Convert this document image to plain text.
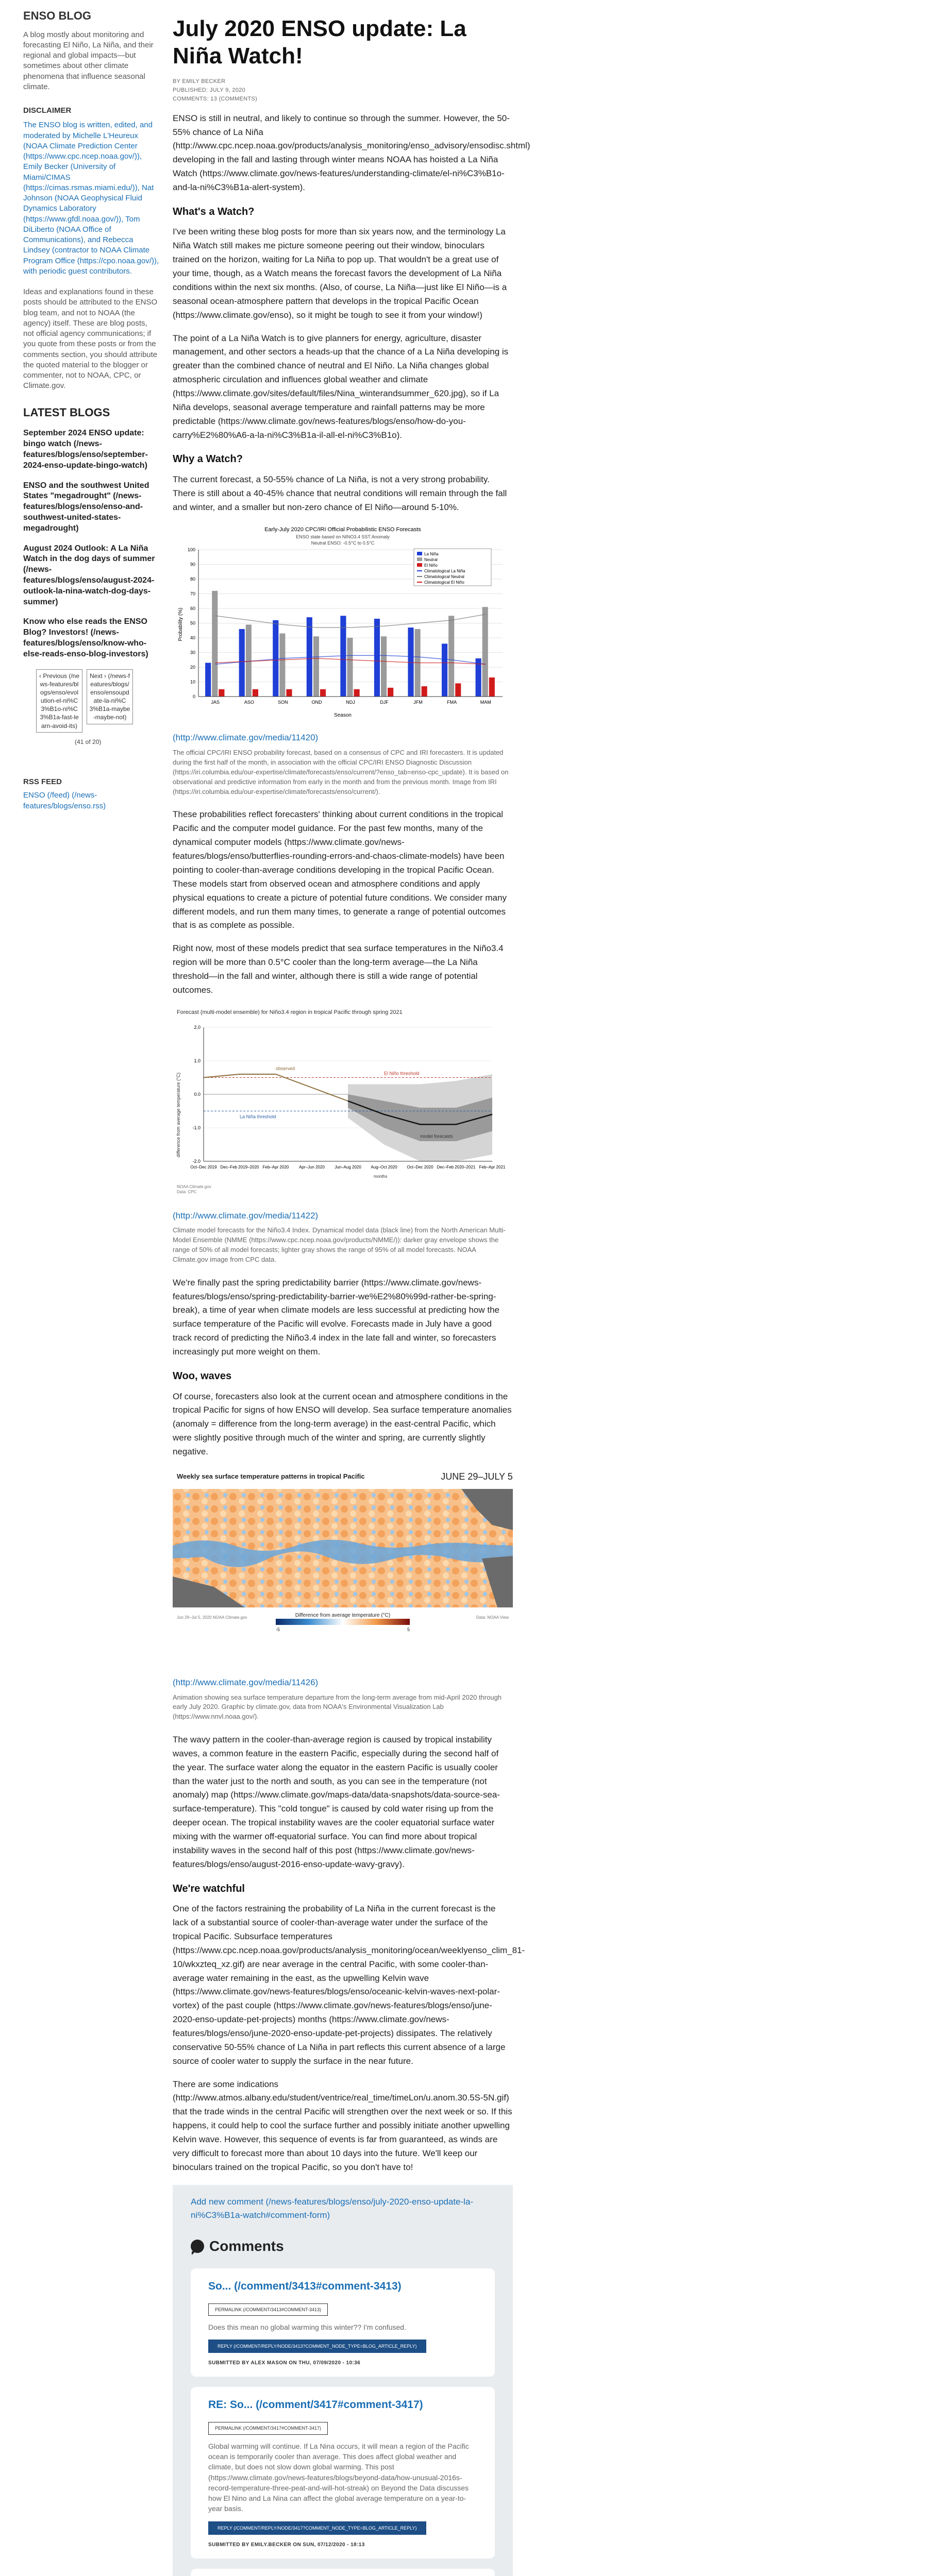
ENSO BLOG
A blog mostly about monitoring and forecasting El Niño, La Niña, and their regional and global impacts—but sometimes about other climate phenomena that influence seasonal climate.
DISCLAIMER
The ENSO blog is written, edited, and moderated by Michelle L'Heureux (NOAA Climate Prediction Center (https://www.cpc.ncep.noaa.gov/)), Emily Becker (University of Miami/CIMAS (https://cimas.rsmas.miami.edu/)), Nat Johnson (NOAA Geophysical Fluid Dynamics Laboratory (https://www.gfdl.noaa.gov/)), Tom DiLiberto (NOAA Office of Communications), and Rebecca Lindsey (contractor to NOAA Climate Program Office (https://cpo.noaa.gov/)), with periodic guest contributors.
Ideas and explanations found in these posts should be attributed to the ENSO blog team, and not to NOAA (the agency) itself. These are blog posts, not official agency communications; if you quote from these posts or from the comments section, you should attribute the quoted material to the blogger or commenter, not to NOAA, CPC, or Climate.gov.
LATEST BLOGS
September 2024 ENSO update: bingo watch (/news-features/blogs/enso/september-2024-enso-update-bingo-watch)
ENSO and the southwest United States "megadrought" (/news-features/blogs/enso/enso-and-southwest-united-states-megadrought)
August 2024 Outlook: A La Niña Watch in the dog days of summer (/news-features/blogs/enso/august-2024-outlook-la-nina-watch-dog-days-summer)
Know who else reads the ENSO Blog? Investors! (/news-features/blogs/enso/know-who-else-reads-enso-blog-investors)
‹ Previous (/news-features/blogs/enso/evolution-el-ni%C3%B1o-ni%C3%B1a-fast-learn-avoid-its)
Next › (/news-features/blogs/enso/ensoupdate-la-ni%C3%B1a-maybe-maybe-not)
(41 of 20)
RSS FEED
ENSO (/feed) (/news-features/blogs/enso.rss)
July 2020 ENSO update: La Niña Watch!
BY EMILY BECKER
PUBLISHED: JULY 9, 2020
COMMENTS: 13 (COMMENTS)

ENSO is still in neutral, and likely to continue so through the summer. However, the 50-55% chance of La Niña (http://www.cpc.ncep.noaa.gov/products/analysis_monitoring/enso_advisory/ensodisc.shtml) developing in the fall and lasting through winter means NOAA has hoisted a La Niña Watch (https://www.climate.gov/news-features/understanding-climate/el-ni%C3%B1o-and-la-ni%C3%B1a-alert-system).

What's a Watch?

I've been writing these blog posts for more than six years now, and the terminology La Niña Watch still makes me picture someone peering out their window, binoculars trained on the horizon, waiting for La Niña to pop up. That wouldn't be a great use of your time, though, as a Watch means the forecast favors the development of La Niña conditions within the next six months. (Also, of course, La Niña—just like El Niño—is a seasonal ocean-atmosphere pattern that develops in the tropical Pacific Ocean (https://www.climate.gov/enso), so it might be tough to see it from your window!)

The point of a La Niña Watch is to give planners for energy, agriculture, disaster management, and other sectors a heads-up that the chance of a La Niña developing is greater than the combined chance of neutral and El Niño. La Niña changes global atmospheric circulation and influences global weather and climate (https://www.climate.gov/sites/default/files/Nina_winterandsummer_620.jpg), so if La Niña develops, seasonal average temperature and rainfall patterns may be more predictable (https://www.climate.gov/news-features/blogs/enso/how-do-you-carry%E2%80%A6-a-la-ni%C3%B1a-il-all-el-ni%C3%B1o).

Why a Watch?

The current forecast, a 50-55% chance of La Niña, is not a very strong probability. There is still about a 40-45% chance that neutral conditions will remain through the fall and winter, and a smaller but non-zero chance of El Niño—around 5-10%.

Early-July 2020 CPC/IRI Official Probabilistic ENSO Forecasts
ENSO state based on NINO3.4 SST Anomaly
Neutral ENSO: -0.5°C to 0.5°C
Probability (%)
Season
0
10
20
30
40
50
60
70
80
90
100
JAS	ASO	SON	OND	NDJ	DJF	JFM	FMA	MAM
La Niña
Neutral
El Niño
Climatological La Niña
Climatological Neutral
Climatological El Niño
(http://www.climate.gov/media/11420)
The official CPC/IRI ENSO probability forecast, based on a consensus of CPC and IRI forecasters. It is updated during the first half of the month, in association with the official CPC/IRI ENSO Diagnostic Discussion (https://iri.columbia.edu/our-expertise/climate/forecasts/enso/current/?enso_tab=enso-cpc_update). It is based on observational and predictive information from early in the month and from the previous month. Image from IRI (https://iri.columbia.edu/our-expertise/climate/forecasts/enso/current/).

These probabilities reflect forecasters' thinking about current conditions in the tropical Pacific and the computer model guidance. For the past few months, many of the dynamical computer models (https://www.climate.gov/news-features/blogs/enso/butterflies-rounding-errors-and-chaos-climate-models) have been pointing to cooler-than-average conditions developing in the tropical Pacific Ocean. These models start from observed ocean and atmosphere conditions and apply physical equations to create a picture of potential future conditions. We consider many different models, and run them many times, to generate a range of potential outcomes that is as complete as possible.

Right now, most of these models predict that sea surface temperatures in the Niño3.4 region will be more than 0.5°C cooler than the long-term average—the La Niña threshold—in the fall and winter, although there is still a wide range of potential outcomes.

Forecast (multi-model ensemble) for Niño3.4 region in tropical Pacific through spring 2021
difference from average temperature (°C)
-2.0
-1.0
0.0
1.0
2.0
El Niño threshold
La Niña threshold
observed
model forecasts
Oct–Dec 2019 Dec–Feb 2019–2020 Feb–Apr 2020 Apr–Jun 2020 Jun–Aug 2020 Aug–Oct 2020 Oct–Dec 2020 Dec–Feb 2020–2021 Feb–Apr 2021
months
NOAA Climate.gov
Data: CPC
(http://www.climate.gov/media/11422)
Climate model forecasts for the Niño3.4 Index. Dynamical model data (black line) from the North American Multi-Model Ensemble (NMME (https://www.cpc.ncep.noaa.gov/products/NMME/)): darker gray envelope shows the range of 50% of all model forecasts; lighter gray shows the range of 95% of all model forecasts. NOAA Climate.gov image from CPC data.

We're finally past the spring predictability barrier (https://www.climate.gov/news-features/blogs/enso/spring-predictability-barrier-we%E2%80%99d-rather-be-spring-break), a time of year when climate models are less successful at predicting how the surface temperature of the Pacific will evolve. Forecasts made in July have a good track record of predicting the Niño3.4 index in the late fall and winter, so forecasters increasingly put more weight on them.

Woo, waves

Of course, forecasters also look at the current ocean and atmosphere conditions in the tropical Pacific for signs of how ENSO will develop. Sea surface temperature anomalies (anomaly = difference from the long-term average) in the east-central Pacific, which were slightly positive through much of the winter and spring, are currently slightly negative.

Weekly sea surface temperature patterns in tropical Pacific	JUNE 29–JULY 5
Difference from average temperature (°C)
-5	5
Jun 29–Jul 5, 2020 NOAA Climate.gov	Data: NOAA View
(http://www.climate.gov/media/11426)
Animation showing sea surface temperature departure from the long-term average from mid-April 2020 through early July 2020. Graphic by climate.gov, data from NOAA's Environmental Visualization Lab (https://www.nnvl.noaa.gov/).

The wavy pattern in the cooler-than-average region is caused by tropical instability waves, a common feature in the eastern Pacific, especially during the second half of the year. The surface water along the equator in the eastern Pacific is usually cooler than the water just to the north and south, as you can see in the temperature (not anomaly) map (https://www.climate.gov/maps-data/data-snapshots/data-source-sea-surface-temperature). This "cold tongue" is caused by cold water rising up from the deeper ocean. The tropical instability waves are the cooler equatorial surface water mixing with the warmer off-equatorial surface. You can find more about tropical instability waves in the second half of this post (https://www.climate.gov/news-features/blogs/enso/august-2016-enso-update-wavy-gravy).

We're watchful

One of the factors restraining the probability of La Niña in the current forecast is the lack of a substantial source of cooler-than-average water under the surface of the tropical Pacific. Subsurface temperatures (https://www.cpc.ncep.noaa.gov/products/analysis_monitoring/ocean/weeklyenso_clim_81-10/wkxzteq_xz.gif) are near average in the central Pacific, with some cooler-than-average water remaining in the east, as the upwelling Kelvin wave (https://www.climate.gov/news-features/blogs/enso/oceanic-kelvin-waves-next-polar-vortex) of the past couple (https://www.climate.gov/news-features/blogs/enso/june-2020-enso-update-pet-projects) months (https://www.climate.gov/news-features/blogs/enso/june-2020-enso-update-pet-projects) dissipates. The relatively conservative 50-55% chance of La Niña in part reflects this current absence of a large source of cooler water to supply the surface in the near future.

There are some indications (http://www.atmos.albany.edu/student/ventrice/real_time/timeLon/u.anom.30.5S-5N.gif) that the trade winds in the central Pacific will strengthen over the next week or so. If this happens, it could help to cool the surface further and possibly initiate another upwelling Kelvin wave. However, this sequence of events is far from guaranteed, as winds are very difficult to forecast more than about 10 days into the future. We'll keep our binoculars trained on the tropical Pacific, so you don't have to!

Add new comment (/news-features/blogs/enso/july-2020-enso-update-la-ni%C3%B1a-watch#comment-form)
Comments
So... (/comment/3413#comment-3413)
PERMALINK (/COMMENT/3413#COMMENT-3413)
Does this mean no global warming this winter?? I'm confused.
REPLY (/COMMENT/REPLY/NODE/3413?COMMENT_NODE_TYPE=BLOG_ARTICLE_REPLY)
SUBMITTED BY ALEX MASON ON THU, 07/09/2020 - 10:36
RE: So... (/comment/3417#comment-3417)
PERMALINK (/COMMENT/3417#COMMENT-3417)
Global warming will continue. If La Nina occurs, it will mean a region of the Pacific ocean is temporarily cooler than average. This does affect global weather and climate, but does not slow down global warming. This post (https://www.climate.gov/news-features/blogs/beyond-data/how-unusual-2016s-record-temperature-three-peat-and-will-hot-streak) on Beyond the Data discusses how El Nino and La Nina can affect the global average temperature on a year-to-year basis.
REPLY (/COMMENT/REPLY/NODE/3417?COMMENT_NODE_TYPE=BLOG_ARTICLE_REPLY)
SUBMITTED BY EMILY.BECKER ON SUN, 07/12/2020 - 18:13
